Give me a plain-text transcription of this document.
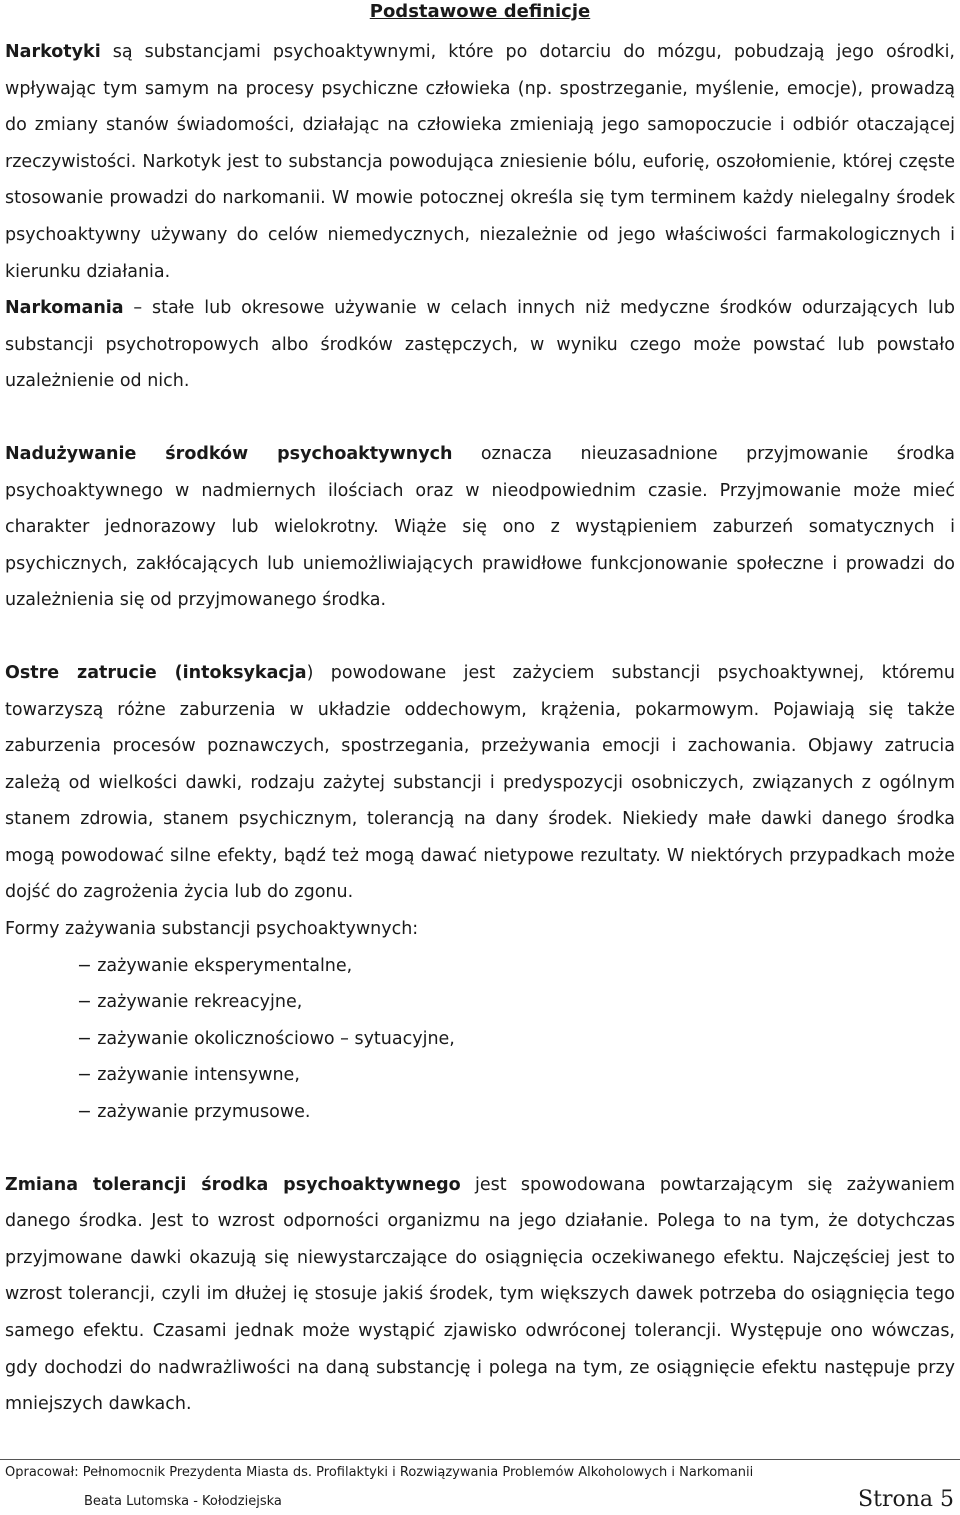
Podstawowe definicje

Narkotyki są substancjami psychoaktywnymi, które po dotarciu do mózgu, pobudzają jego ośrodki, wpływając tym samym na procesy psychiczne człowieka (np. spostrzeganie, myślenie, emocje), prowadzą do zmiany stanów świadomości, działając na człowieka zmieniają jego samopoczucie i odbiór otaczającej rzeczywistości. Narkotyk jest to substancja powodująca zniesienie bólu, euforię, oszołomienie, której częste stosowanie prowadzi do narkomanii. W mowie potocznej określa się tym terminem każdy nielegalny środek psychoaktywny używany do celów niemedycznych, niezależnie od jego właściwości farmakologicznych i kierunku działania.

Narkomania – stałe lub okresowe używanie w celach innych niż medyczne środków odurzających lub substancji psychotropowych albo środków zastępczych, w wyniku czego może powstać lub powstało uzależnienie od nich.

Nadużywanie środków psychoaktywnych oznacza nieuzasadnione przyjmowanie środka psychoaktywnego w nadmiernych ilościach oraz w nieodpowiednim czasie. Przyjmowanie może mieć charakter jednorazowy lub wielokrotny. Wiąże się ono z wystąpieniem zaburzeń somatycznych i psychicznych, zakłócających lub uniemożliwiających prawidłowe funkcjonowanie społeczne i prowadzi do uzależnienia się od przyjmowanego środka.

Ostre zatrucie (intoksykacja) powodowane jest zażyciem substancji psychoaktywnej, któremu towarzyszą różne zaburzenia w układzie oddechowym, krążenia, pokarmowym. Pojawiają się także zaburzenia procesów poznawczych, spostrzegania, przeżywania emocji i zachowania. Objawy zatrucia zależą od wielkości dawki, rodzaju zażytej substancji i predyspozycji osobniczych, związanych z ogólnym stanem zdrowia, stanem psychicznym, tolerancją na dany środek. Niekiedy małe dawki danego środka mogą powodować silne efekty, bądź też mogą dawać nietypowe rezultaty. W niektórych przypadkach może dojść do zagrożenia życia lub do zgonu.

Formy zażywania substancji psychoaktywnych:

− zażywanie eksperymentalne,
− zażywanie rekreacyjne,
− zażywanie okolicznościowo – sytuacyjne,
− zażywanie intensywne,
− zażywanie przymusowe.

Zmiana tolerancji środka psychoaktywnego jest spowodowana powtarzającym się zażywaniem danego środka. Jest to wzrost odporności organizmu na jego działanie. Polega to na tym, że dotychczas przyjmowane dawki okazują się niewystarczające do osiągnięcia oczekiwanego efektu. Najczęściej jest to wzrost tolerancji, czyli im dłużej ię stosuje jakiś środek, tym większych dawek potrzeba do osiągnięcia tego samego efektu. Czasami jednak może wystąpić zjawisko odwróconej tolerancji. Występuje ono wówczas, gdy dochodzi do nadwrażliwości na daną substancję i polega na tym, ze osiągnięcie efektu następuje przy mniejszych dawkach.

Opracował: Pełnomocnik Prezydenta Miasta ds. Profilaktyki i Rozwiązywania Problemów Alkoholowych i Narkomanii
Beata Lutomska - Kołodziejska	Strona 5
